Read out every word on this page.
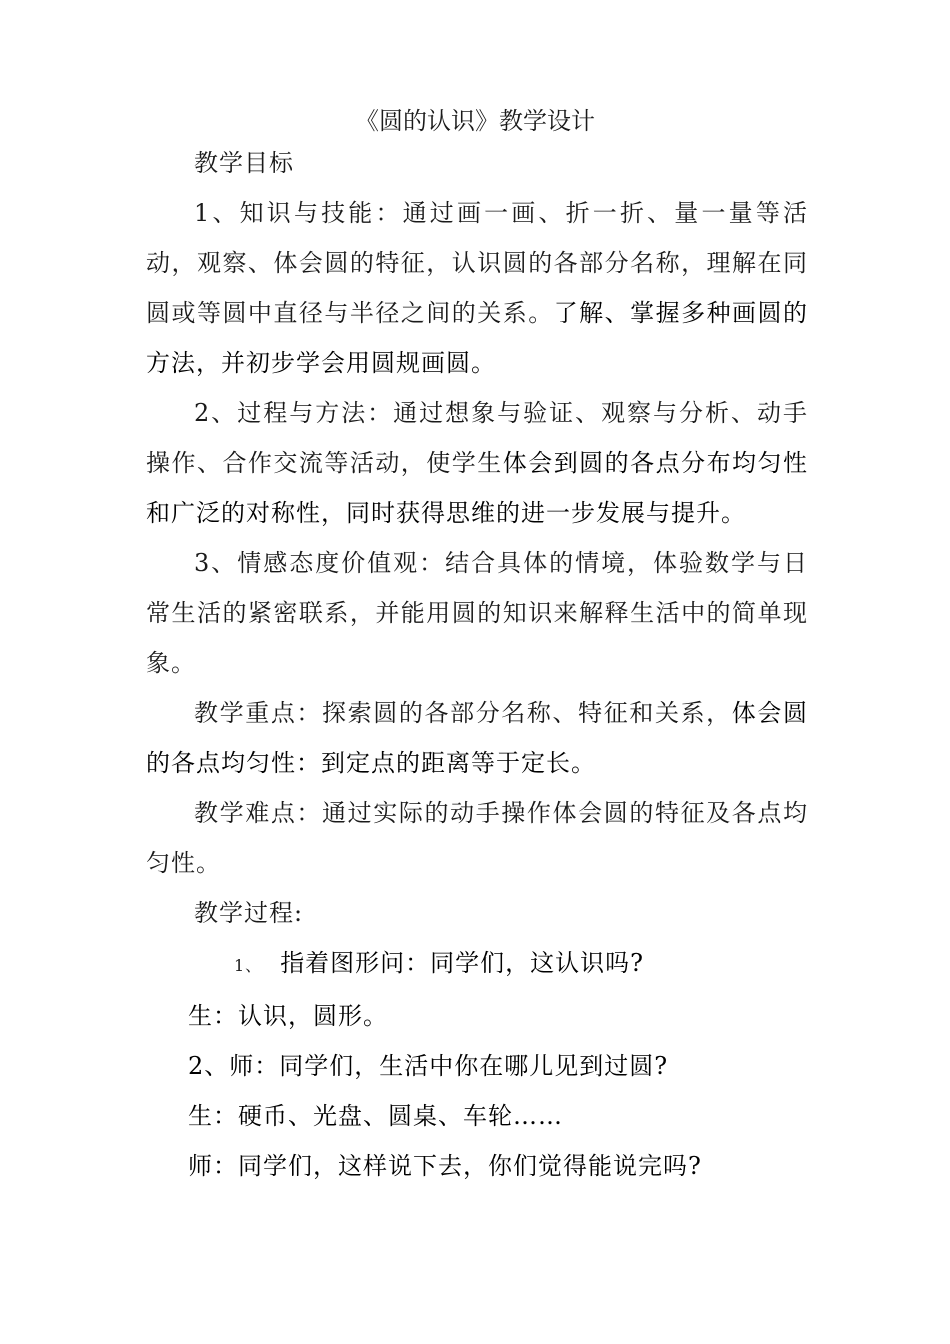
《圆的认识》教学设计

教学目标

1、知识与技能：通过画一画、折一折、量一量等活动，观察、体会圆的特征，认识圆的各部分名称，理解在同圆或等圆中直径与半径之间的关系。了解、掌握多种画圆的方法，并初步学会用圆规画圆。

2、过程与方法：通过想象与验证、观察与分析、动手操作、合作交流等活动，使学生体会到圆的各点分布均匀性和广泛的对称性，同时获得思维的进一步发展与提升。

3、情感态度价值观：结合具体的情境，体验数学与日常生活的紧密联系，并能用圆的知识来解释生活中的简单现象。

教学重点：探索圆的各部分名称、特征和关系，体会圆的各点均匀性：到定点的距离等于定长。

教学难点：通过实际的动手操作体会圆的特征及各点均匀性。

教学过程:

1、 指着图形问：同学们，这认识吗?

生：认识，圆形。

2、师：同学们，生活中你在哪儿见到过圆?

生：硬币、光盘、圆桌、车轮……

师：同学们，这样说下去，你们觉得能说完吗?
